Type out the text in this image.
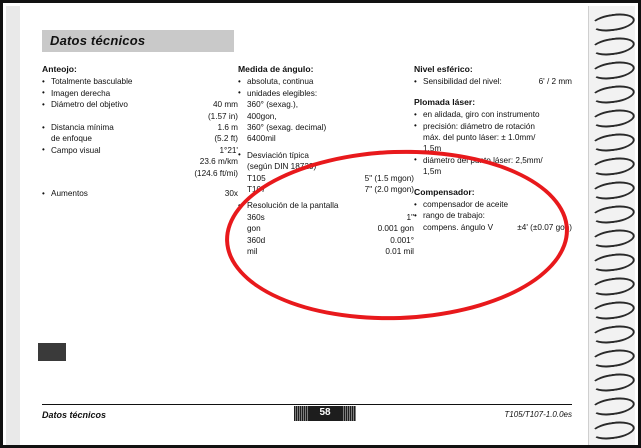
Datos técnicos
Anteojo:
• Totalmente basculable
• Imagen derecha
• Diámetro del objetivo	40 mm
(1.57 in)
• Distancia mínima	1.6 m
de enfoque	(5.2 ft)
• Campo visual	1°21'
23.6 m/km
(124.6 ft/mi)
• Aumentos	30x
Medida de ángulo:
• absoluta, continua
• unidades elegibles:
360° (sexag.),
400gon,
360° (sexag. decimal)
6400mil
• Desviación típica
(según DIN 18723)
T105	5" (1.5 mgon)
T107	7" (2.0 mgon)
• Resolución de la pantalla
360s	1"
gon	0.001 gon
360d	0.001°
mil	0.01 mil
Nivel esférico:
• Sensibilidad del nivel:	6' / 2 mm
Plomada láser:
• en alidada, giro con instrumento
• precisión: diámetro de rotación
máx. del punto láser: ± 1.0mm/
1.5m
• diámetro del punto láser: 2,5mm/
1,5m
Compensador:
• compensador de aceite
• rango de trabajo:
compens. ángulo V	±4' (±0.07 gon)
Datos técnicos	58	T105/T107-1.0.0es
